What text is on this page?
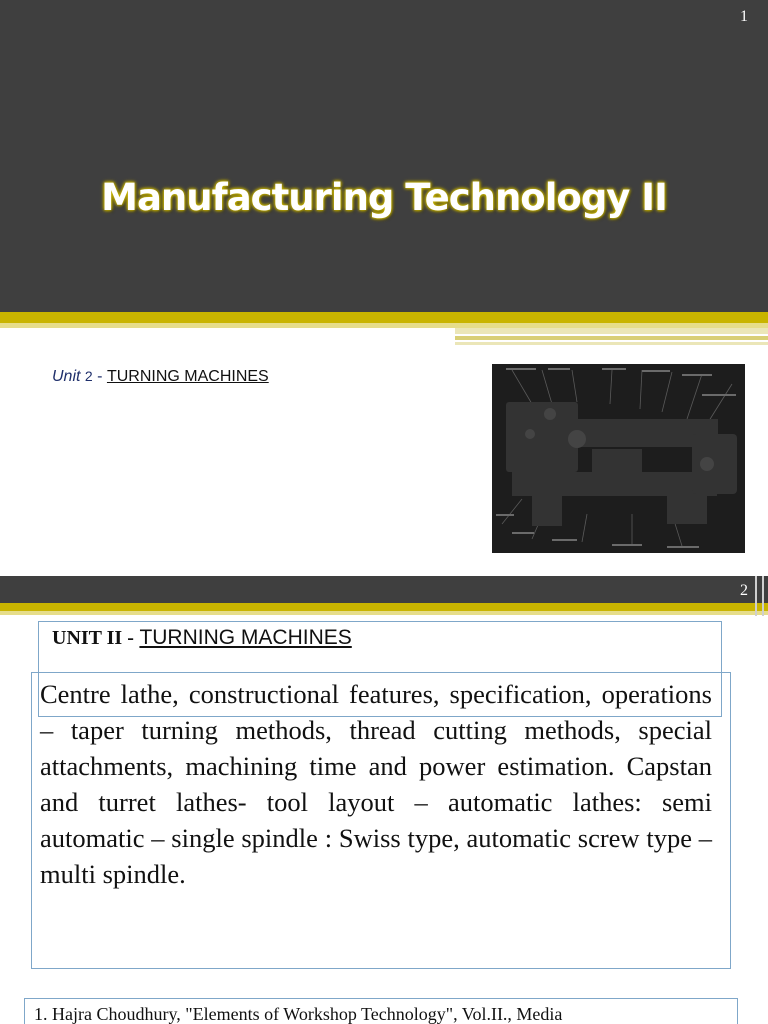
1
Manufacturing Technology II
Unit 2 - TURNING MACHINES
2
UNIT II - TURNING MACHINES
Centre lathe, constructional features, specification, operations – taper turning methods, thread cutting methods, special attachments, machining time and power estimation. Capstan and turret lathes- tool layout – automatic lathes: semi automatic – single spindle : Swiss type, automatic screw type – multi spindle.
1. Hajra Choudhury, "Elements of Workshop Technology", Vol.II., Media
